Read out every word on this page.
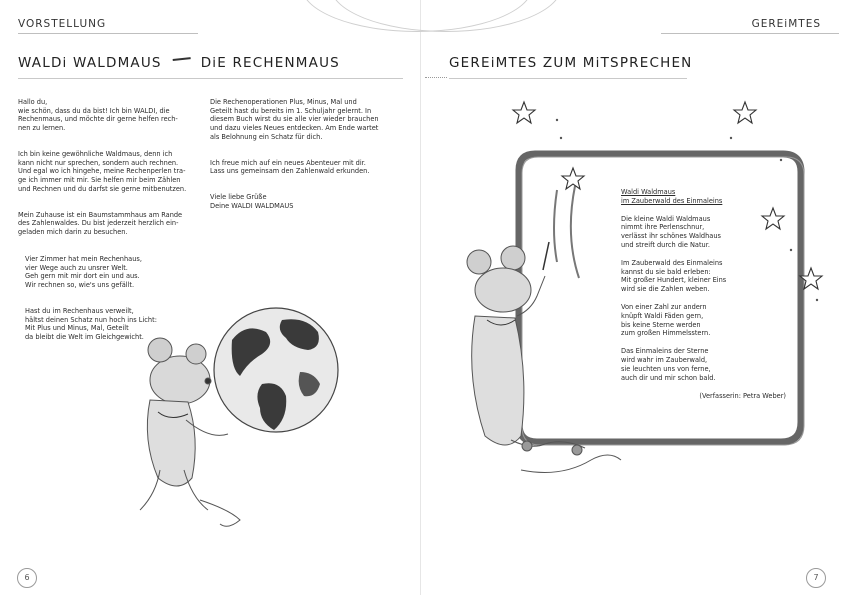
VORSTELLUNG
WALDi WALDMAUS	DiE RECHENMAUS

Hallo du,
wie schön, dass du da bist! Ich bin WALDI, die
Rechenmaus, und möchte dir gerne helfen rech-
nen zu lernen.

Ich bin keine gewöhnliche Waldmaus, denn ich
kann nicht nur sprechen, sondern auch rechnen.
Und egal wo ich hingehe, meine Rechenperlen tra-
ge ich immer mit mir. Sie helfen mir beim Zählen
und Rechnen und du darfst sie gerne mitbenutzen.

Mein Zuhause ist ein Baumstammhaus am Rande
des Zahlenwaldes. Du bist jederzeit herzlich ein-
geladen mich darin zu besuchen.

Vier Zimmer hat mein Rechenhaus,
vier Wege auch zu unsrer Welt.
Geh gern mit mir dort ein und aus.
Wir rechnen so, wie's uns gefällt.

Hast du im Rechenhaus verweilt,
hältst deinen Schatz nun hoch ins Licht:
Mit Plus und Minus, Mal, Geteilt
da bleibt die Welt im Gleichgewicht.

Die Rechenoperationen Plus, Minus, Mal und
Geteilt hast du bereits im 1. Schuljahr gelernt. In
diesem Buch wirst du sie alle vier wieder brauchen
und dazu vieles Neues entdecken. Am Ende wartet
als Belohnung ein Schatz für dich.

Ich freue mich auf ein neues Abenteuer mit dir.
Lass uns gemeinsam den Zahlenwald erkunden.

Viele liebe Grüße
Deine WALDI WALDMAUS

6
GEREiMTES
GEREiMTES ZUM MiTSPRECHEN
Waldi Waldmaus
im Zauberwald des Einmaleins
Die kleine Waldi Waldmaus
nimmt ihre Perlenschnur,
verlässt ihr schönes Waldhaus
und streift durch die Natur.
Im Zauberwald des Einmaleins
kannst du sie bald erleben:
Mit großer Hundert, kleiner Eins
wird sie die Zahlen weben.
Von einer Zahl zur andern
knüpft Waldi Fäden gern,
bis keine Sterne werden
zum großen Himmelsstern.
Das Einmaleins der Sterne
wird wahr im Zauberwald,
sie leuchten uns von ferne,
auch dir und mir schon bald.
(Verfasserin: Petra Weber)
7
